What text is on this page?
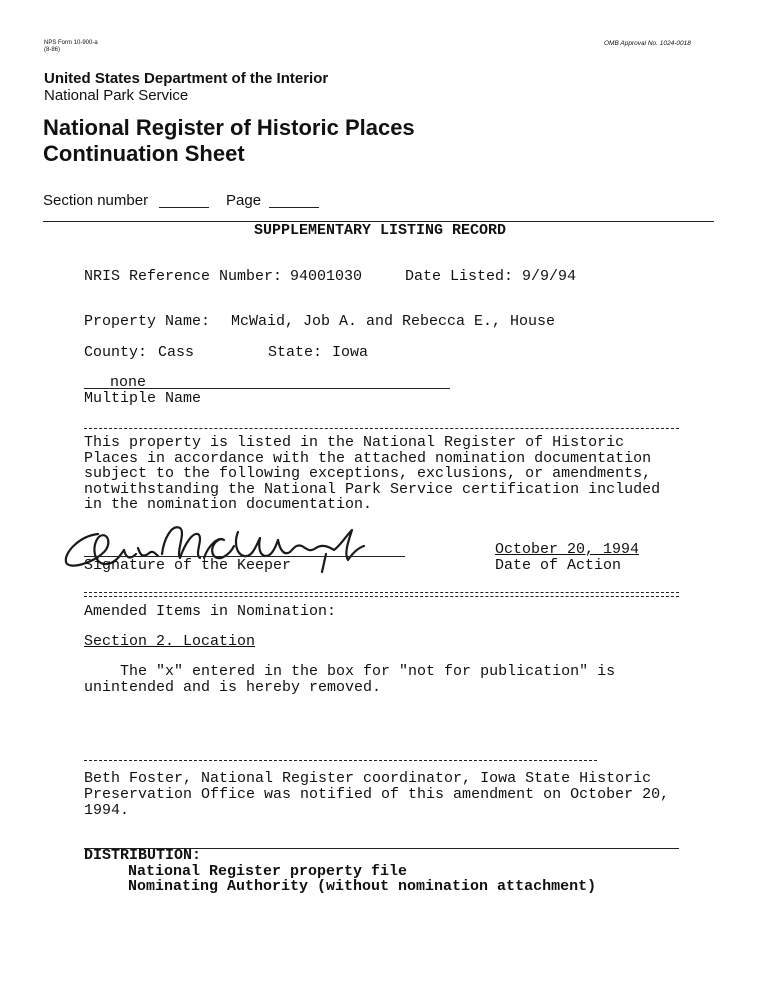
NPS Form 10-900-a
(8-86)
OMB Approval No. 1024-0018
United States Department of the Interior
National Park Service
National Register of Historic Places
Continuation Sheet
Section number	Page
SUPPLEMENTARY LISTING RECORD
NRIS Reference Number: 94001030	Date Listed: 9/9/94
Property Name: McWaid, Job A. and Rebecca E., House
County: Cass	State: Iowa
none
Multiple Name
This property is listed in the National Register of Historic
Places in accordance with the attached nomination documentation
subject to the following exceptions, exclusions, or amendments,
notwithstanding the National Park Service certification included
in the nomination documentation.
Signature of the Keeper
October 20, 1994
Date of Action
Amended Items in Nomination:
Section 2. Location
The "x" entered in the box for "not for publication" is
unintended and is hereby removed.
Beth Foster, National Register coordinator, Iowa State Historic
Preservation Office was notified of this amendment on October 20,
1994.
DISTRIBUTION:
National Register property file
Nominating Authority (without nomination attachment)
